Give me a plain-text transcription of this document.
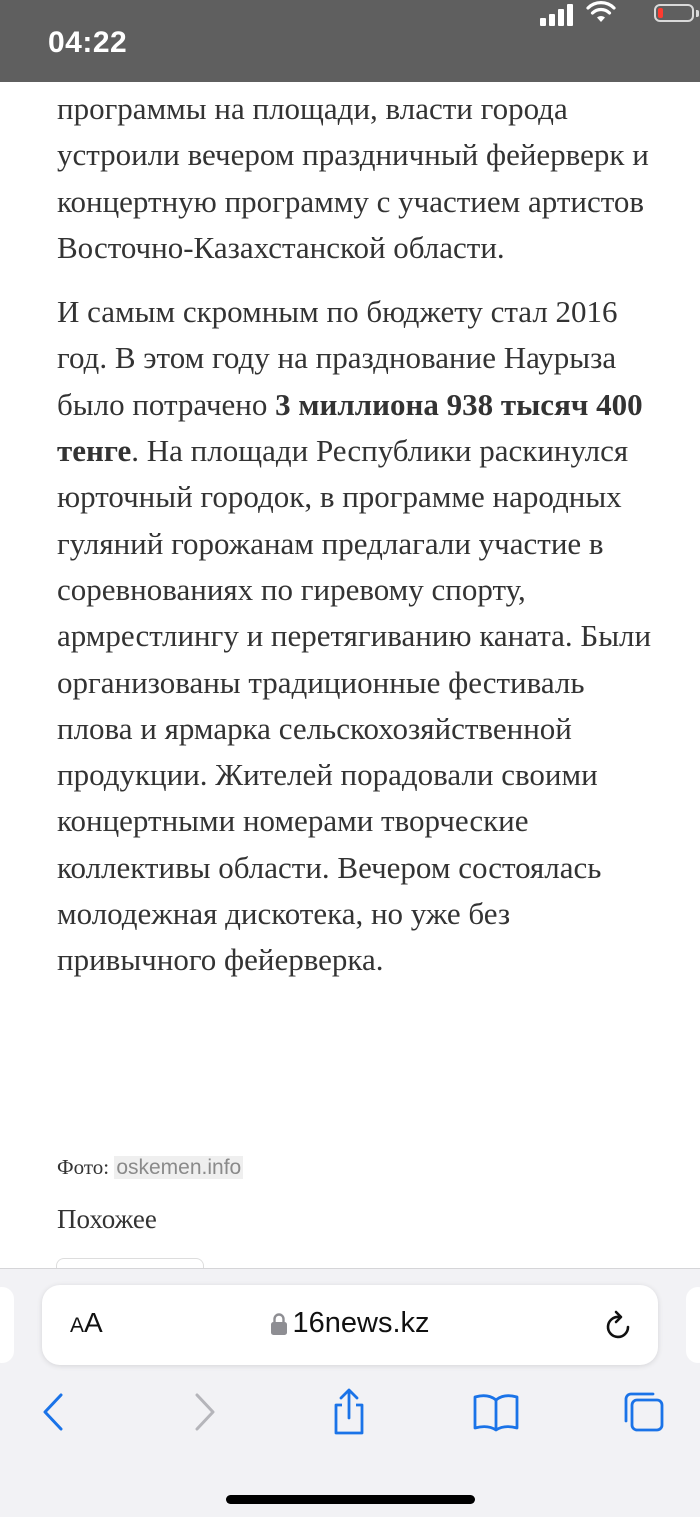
04:22

программы на площади, власти города устроили вечером праздничный фейерверк и концертную программу с участием артистов Восточно-Казахстанской области.

И самым скромным по бюджету стал 2016 год. В этом году на празднование Наурыза было потрачено 3 миллиона 938 тысяч 400 тенге. На площади Республики раскинулся юрточный городок, в программе народных гуляний горожанам предлагали участие в соревнованиях по гиревому спорту, армрестлингу и перетягиванию каната. Были организованы традиционные фестиваль плова и ярмарка сельскохозяйственной продукции. Жителей порадовали своими концертными номерами творческие коллективы области. Вечером состоялась молодежная дискотека, но уже без привычного фейерверка.

Фото: oskemen.info
Похожее
AA	16news.kz
